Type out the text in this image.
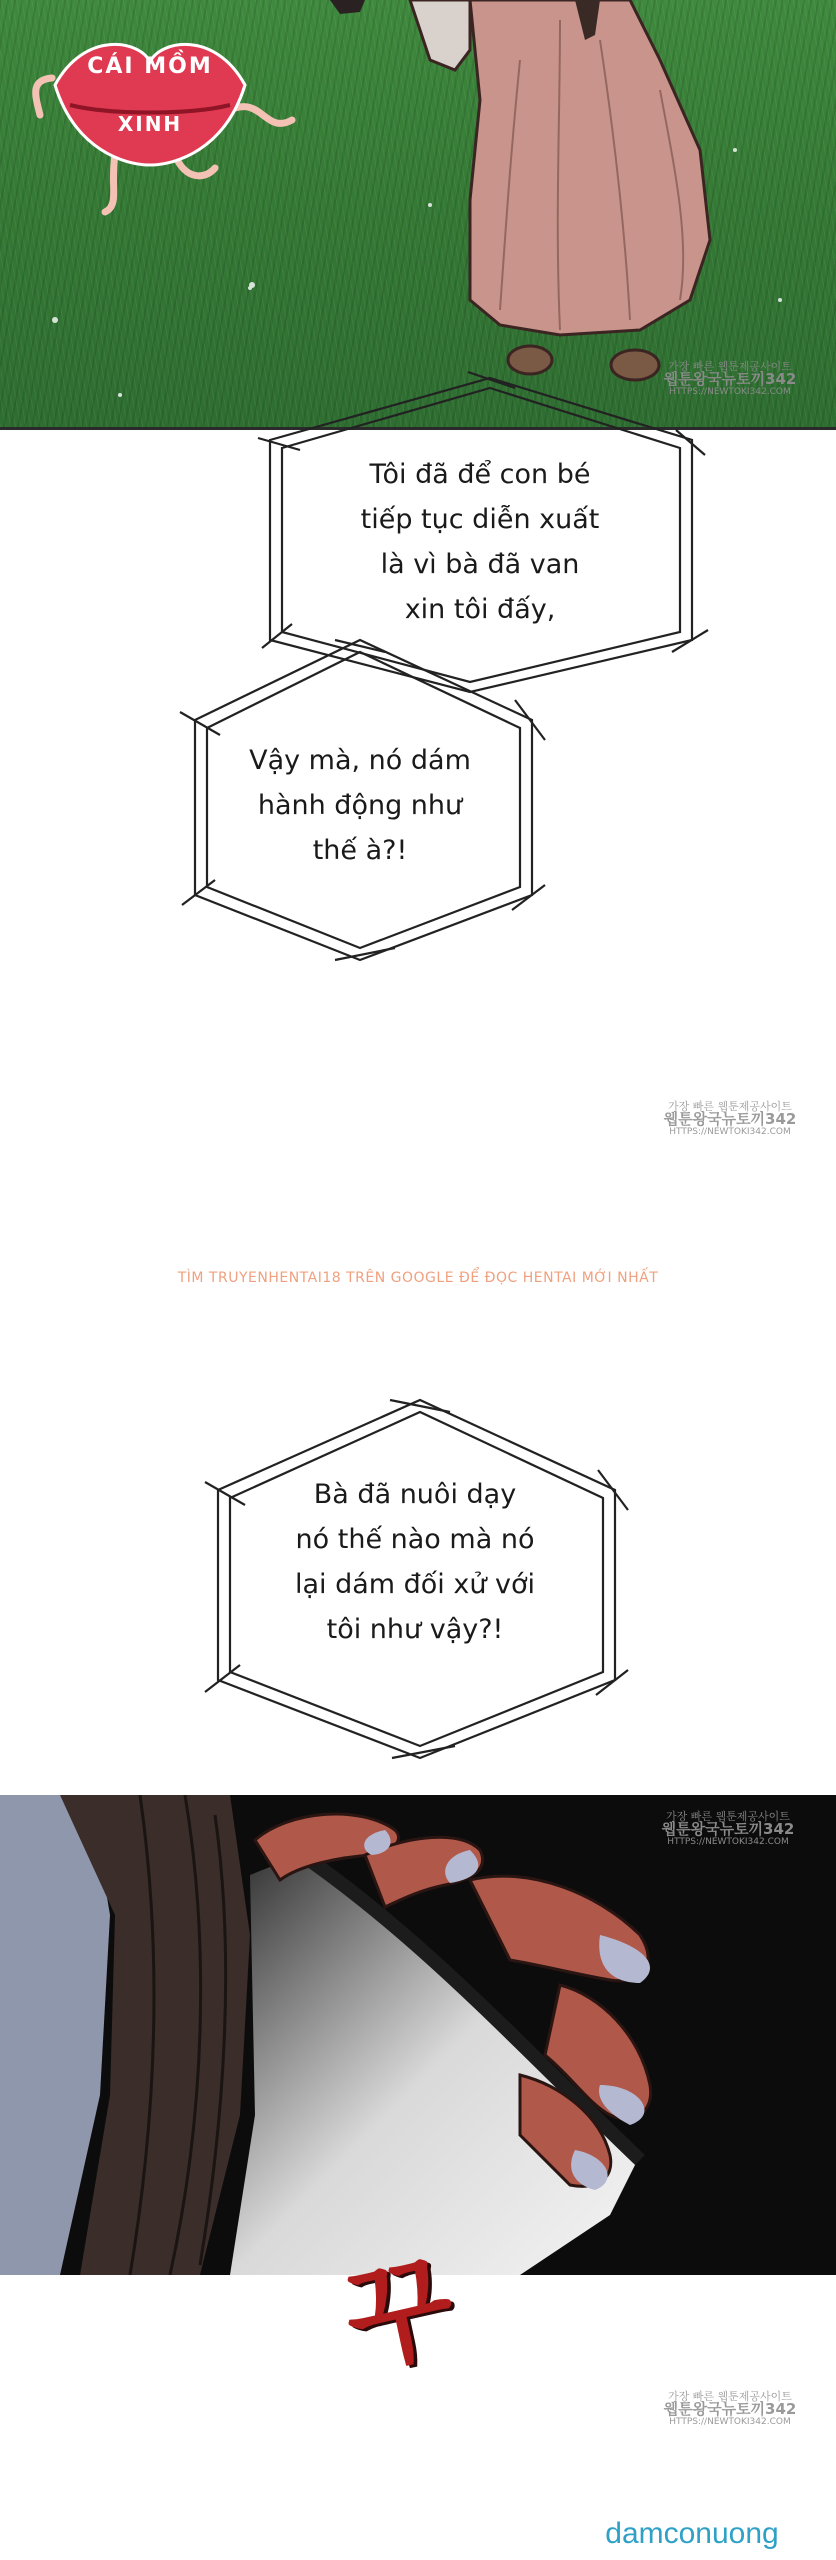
CÁI MỒM
XINH
가장 빠른 웹툰제공사이트
웹툰왕국뉴토끼342
HTTPS://NEWTOKI342.COM
Tôi đã để con bé
tiếp tục diễn xuất
là vì bà đã van
xin tôi đấy,
Vậy mà, nó dám
hành động như
thế à?!
Bà đã nuôi dạy
nó thế nào mà nó
lại dám đối xử với
tôi như vậy?!
가장 빠른 웹툰제공사이트
웹툰왕국뉴토끼342
HTTPS://NEWTOKI342.COM
TÌM TRUYENHENTAI18 TRÊN GOOGLE ĐỂ ĐỌC HENTAI MỚI NHẤT
가장 빠른 웹툰제공사이트
웹툰왕국뉴토끼342
HTTPS://NEWTOKI342.COM
꾸
가장 빠른 웹툰제공사이트
웹툰왕국뉴토끼342
HTTPS://NEWTOKI342.COM
damconuong
